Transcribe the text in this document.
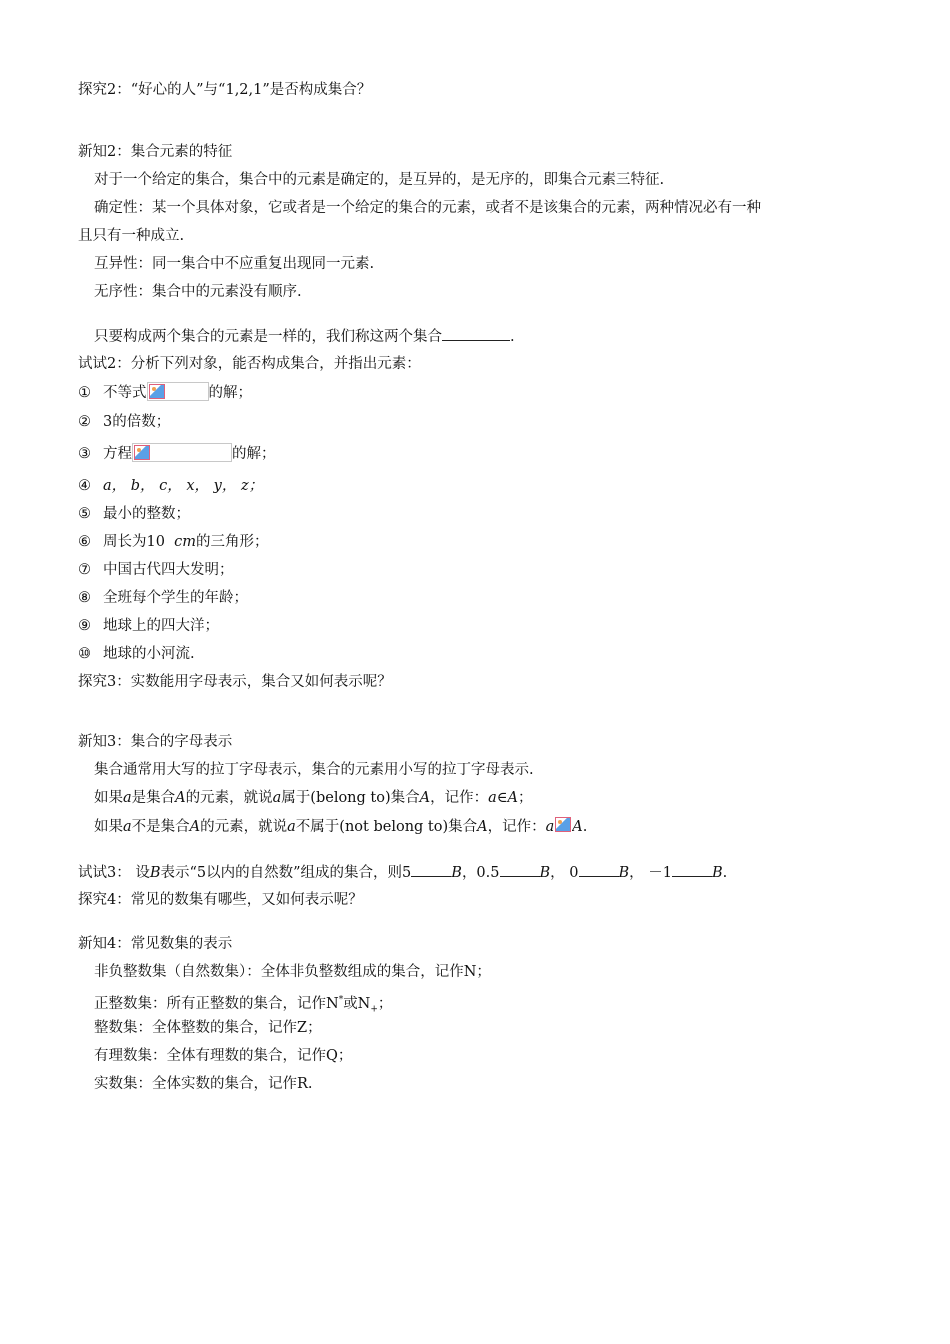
探究2：“好心的人”与“1,2,1”是否构成集合？
新知2：集合元素的特征
对于一个给定的集合，集合中的元素是确定的，是互异的，是无序的，即集合元素三特征.
确定性：某一个具体对象，它或者是一个给定的集合的元素，或者不是该集合的元素，两种情况必有一种
且只有一种成立.
互异性：同一集合中不应重复出现同一元素.
无序性：集合中的元素没有顺序.
只要构成两个集合的元素是一样的，我们称这两个集合	.
试试2：分析下列对象，能否构成集合，并指出元素：
① 不等式	的解；
② 3的倍数；
③ 方程	的解；
④ a， b， c， x， y， z；
⑤ 最小的整数；
⑥ 周长为10 cm的三角形；
⑦ 中国古代四大发明；
⑧ 全班每个学生的年龄；
⑨ 地球上的四大洋；
⑩ 地球的小河流.
探究3：实数能用字母表示，集合又如何表示呢？
新知3：集合的字母表示
集合通常用大写的拉丁字母表示，集合的元素用小写的拉丁字母表示.
如果a是集合A的元素，就说a属于(belong to)集合A，记作：a∈A；
如果a不是集合A的元素，就说a不属于(not belong to)集合A，记作：a A.
试试3： 设B表示“5以内的自然数”组成的集合，则5	B，0.5	B， 0	B， －1	B.
探究4：常见的数集有哪些，又如何表示呢？
新知4：常见数集的表示
非负整数集（自然数集）：全体非负整数组成的集合，记作N；
正整数集：所有正整数的集合，记作N*或$N_+$；
整数集：全体整数的集合，记作Z；
有理数集：全体有理数的集合，记作Q；
实数集：全体实数的集合，记作R.
